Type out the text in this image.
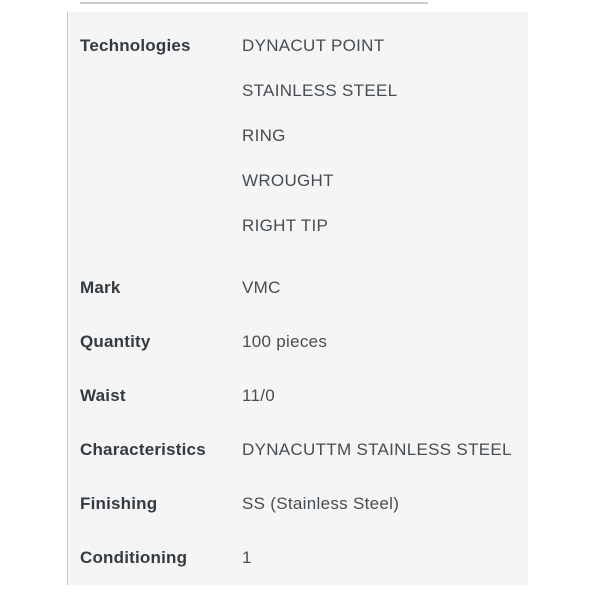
Technologies	DYNACUT POINT
STAINLESS STEEL
RING
WROUGHT
RIGHT TIP
Mark	VMC
Quantity	100 pieces
Waist	11/0
Characteristics	DYNACUTTM STAINLESS STEEL
Finishing	SS (Stainless Steel)
Conditioning	1
